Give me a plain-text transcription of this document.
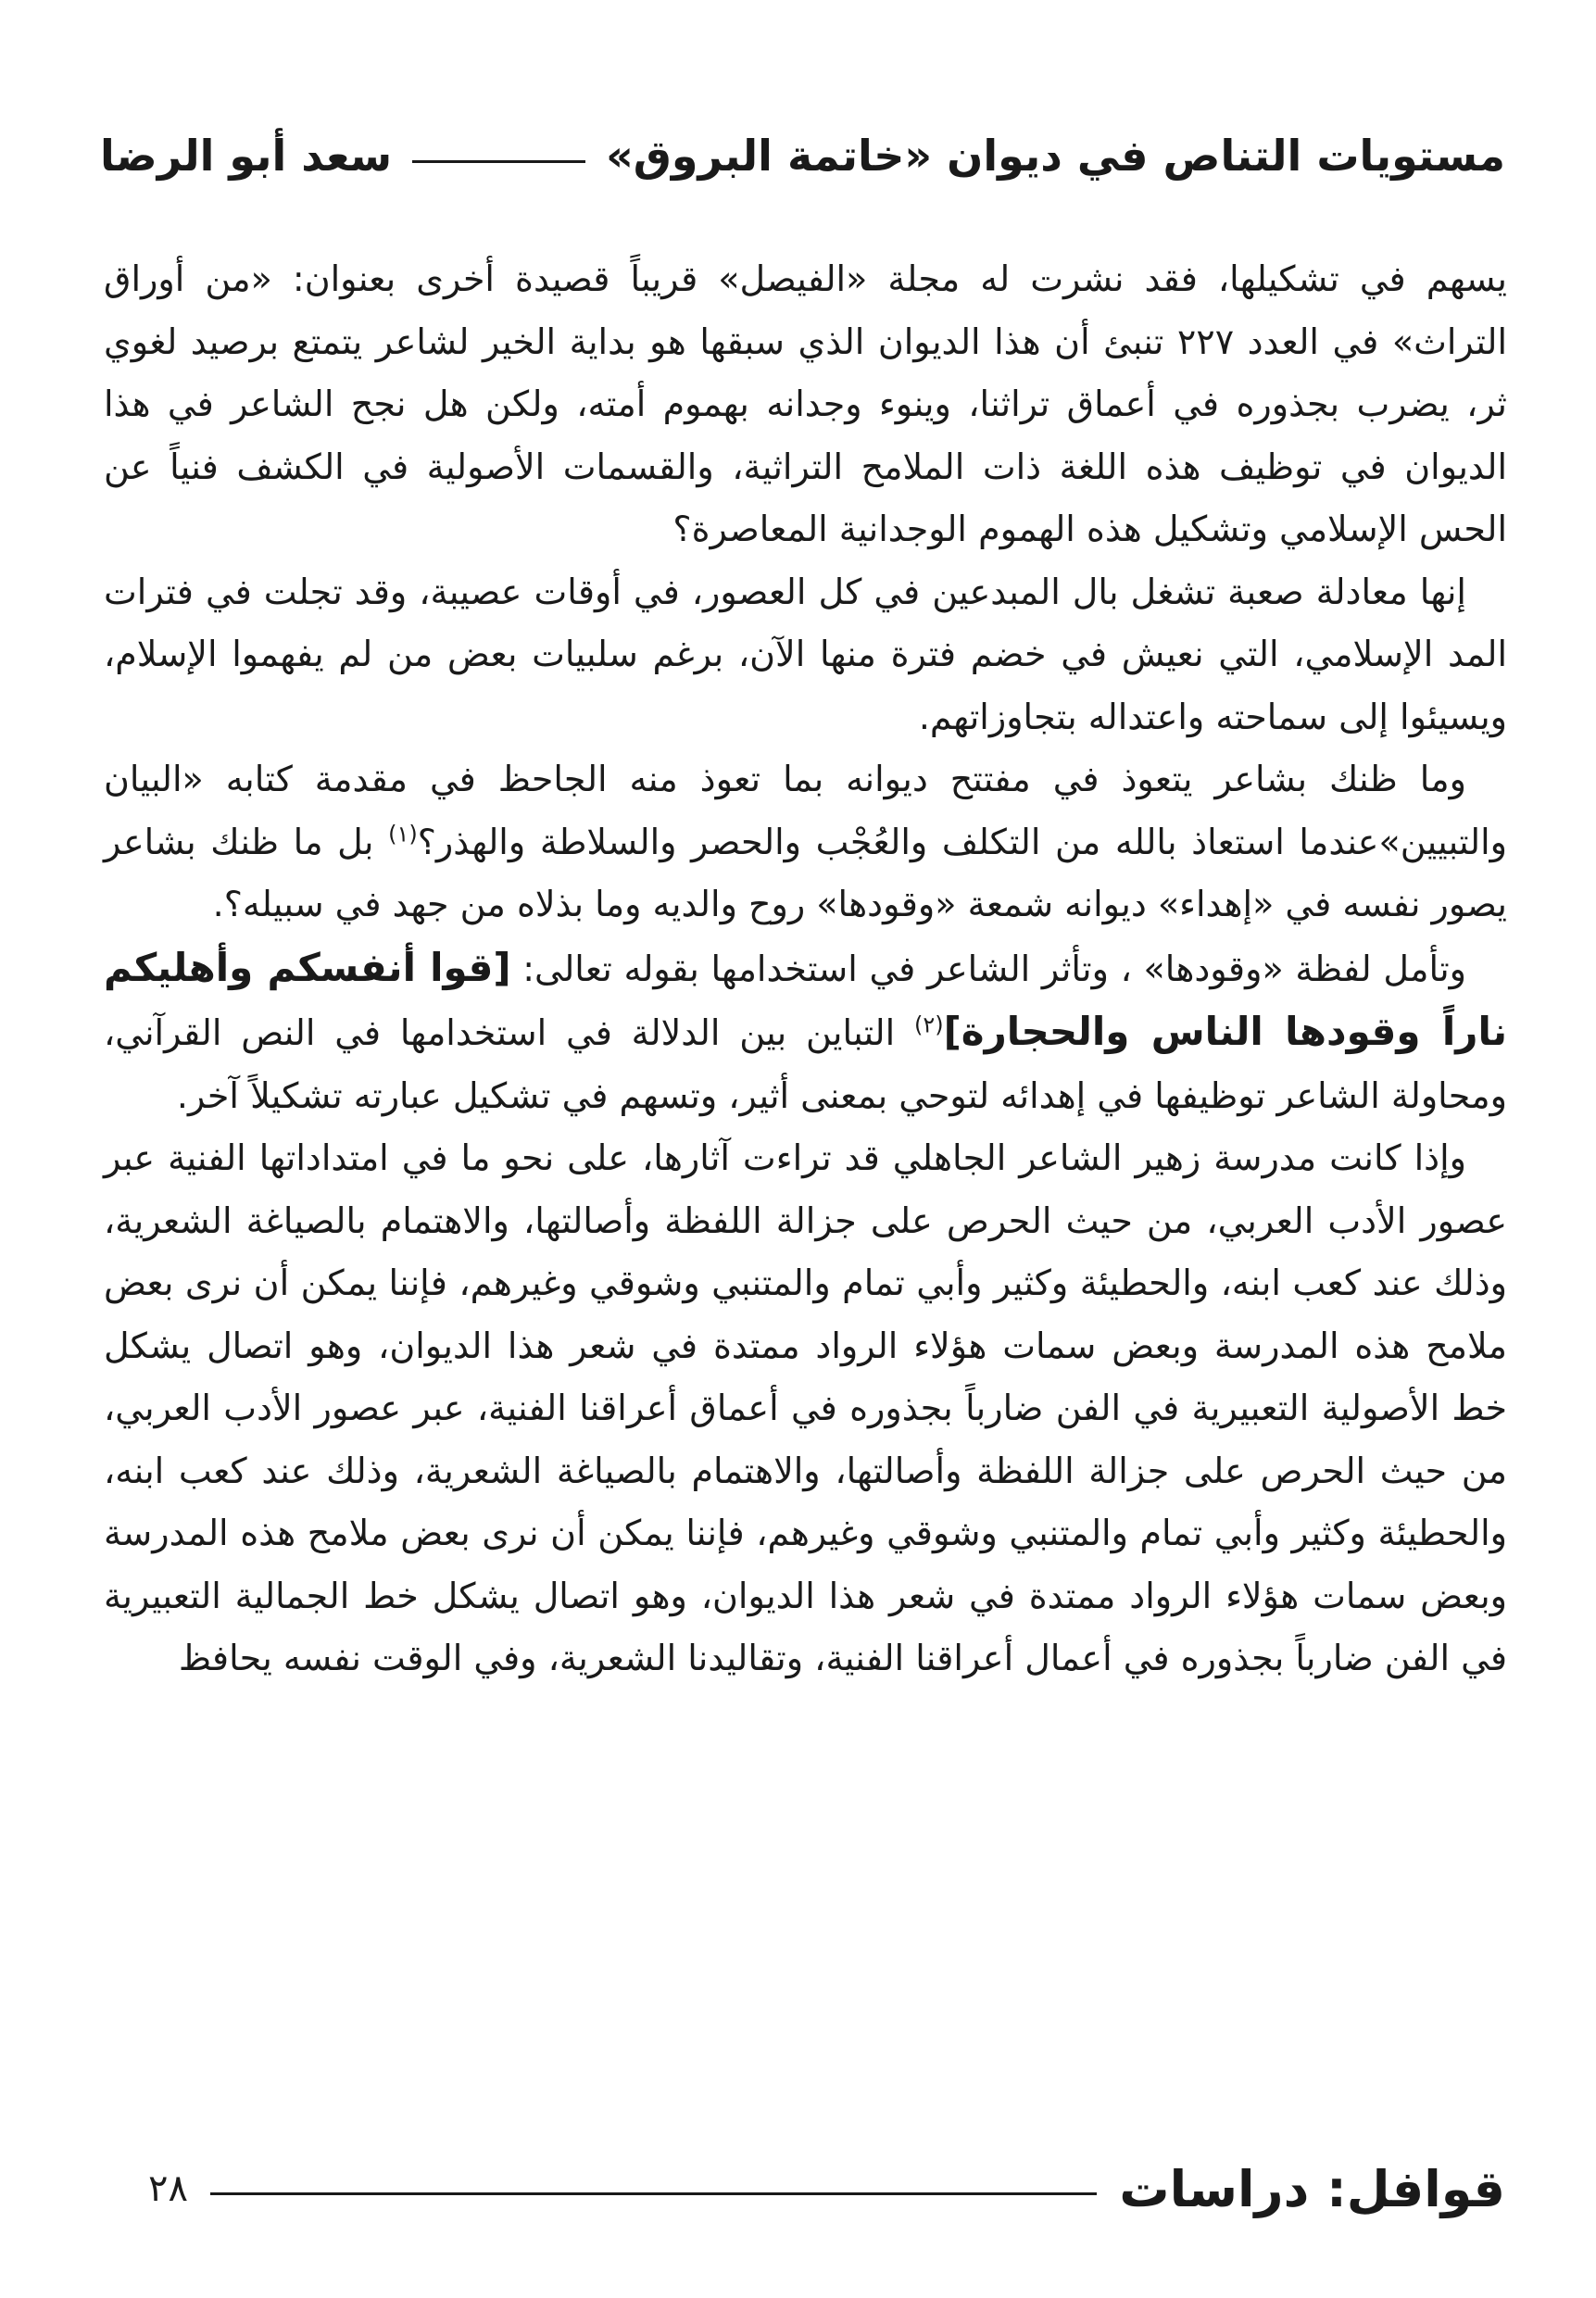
مستويات التناص في ديوان «خاتمة البروق»
سعد أبو الرضا

يسهم في تشكيلها، فقد نشرت له مجلة «الفيصل» قريباً قصيدة أخرى بعنوان: «من أوراق التراث» في العدد ٢٢٧ تنبئ أن هذا الديوان الذي سبقها هو بداية الخير لشاعر يتمتع برصيد لغوي ثر، يضرب بجذوره في أعماق تراثنا، وينوء وجدانه بهموم أمته، ولكن هل نجح الشاعر في هذا الديوان في توظيف هذه اللغة ذات الملامح التراثية، والقسمات الأصولية في الكشف فنياً عن الحس الإسلامي وتشكيل هذه الهموم الوجدانية المعاصرة؟

إنها معادلة صعبة تشغل بال المبدعين في كل العصور، في أوقات عصيبة، وقد تجلت في فترات المد الإسلامي، التي نعيش في خضم فترة منها الآن، برغم سلبيات بعض من لم يفهموا الإسلام، ويسيئوا إلى سماحته واعتداله بتجاوزاتهم.

وما ظنك بشاعر يتعوذ في مفتتح ديوانه بما تعوذ منه الجاحظ في مقدمة كتابه «البيان والتبيين»عندما استعاذ بالله من التكلف والعُجْب والحصر والسلاطة والهذر؟$^{(١)}$ بل ما ظنك بشاعر يصور نفسه في «إهداء» ديوانه شمعة «وقودها» روح والديه وما بذلاه من جهد في سبيله؟.

وتأمل لفظة «وقودها» ، وتأثر الشاعر في استخدامها بقوله تعالى: [قوا أنفسكم وأهليكم ناراً وقودها الناس والحجارة]$^{(٢)}$ التباين بين الدلالة في استخدامها في النص القرآني، ومحاولة الشاعر توظيفها في إهدائه لتوحي بمعنى أثير، وتسهم في تشكيل عبارته تشكيلاً آخر.

وإذا كانت مدرسة زهير الشاعر الجاهلي قد تراءت آثارها، على نحو ما في امتداداتها الفنية عبر عصور الأدب العربي، من حيث الحرص على جزالة اللفظة وأصالتها، والاهتمام بالصياغة الشعرية، وذلك عند كعب ابنه، والحطيئة وكثير وأبي تمام والمتنبي وشوقي وغيرهم، فإننا يمكن أن نرى بعض ملامح هذه المدرسة وبعض سمات هؤلاء الرواد ممتدة في شعر هذا الديوان، وهو اتصال يشكل خط الأصولية التعبيرية في الفن ضارباً بجذوره في أعماق أعراقنا الفنية، عبر عصور الأدب العربي، من حيث الحرص على جزالة اللفظة وأصالتها، والاهتمام بالصياغة الشعرية، وذلك عند كعب ابنه، والحطيئة وكثير وأبي تمام والمتنبي وشوقي وغيرهم، فإننا يمكن أن نرى بعض ملامح هذه المدرسة وبعض سمات هؤلاء الرواد ممتدة في شعر هذا الديوان، وهو اتصال يشكل خط الجمالية التعبيرية في الفن ضارباً بجذوره في أعمال أعراقنا الفنية، وتقاليدنا الشعرية، وفي الوقت نفسه يحافظ

قوافل: دراسات
٢٨
